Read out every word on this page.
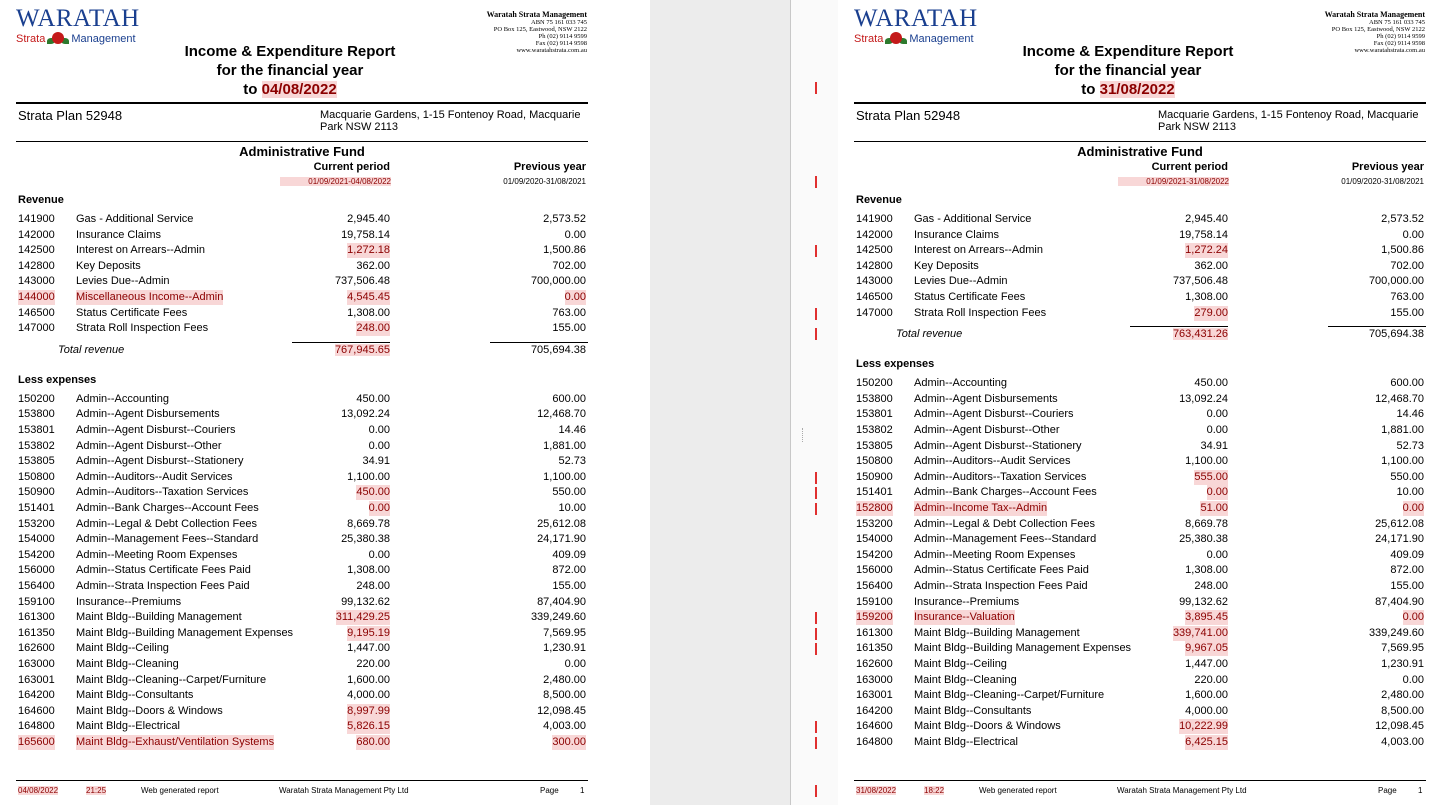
WARATAH
Strata Management
Waratah Strata Management
ABN 75 161 033 745
PO Box 125, Eastwood, NSW 2122
Ph (02) 9114 9599
Fax (02) 9114 9598
www.waratahstrata.com.au
Income & Expenditure Report
for the financial year
to 04/08/2022
Strata Plan 52948	Macquarie Gardens, 1-15 Fontenoy Road, Macquarie Park NSW 2113
Administrative Fund
Current period	Previous year
01/09/2021-04/08/2022	01/09/2020-31/08/2021
Revenue
141900 Gas - Additional Service	2,945.40	2,573.52
142000 Insurance Claims	19,758.14	0.00
142500 Interest on Arrears--Admin	1,272.18	1,500.86
142800 Key Deposits	362.00	702.00
143000 Levies Due--Admin	737,506.48	700,000.00
144000 Miscellaneous Income--Admin	4,545.45	0.00
146500 Status Certificate Fees	1,308.00	763.00
147000 Strata Roll Inspection Fees	248.00	155.00
Total revenue	767,945.65	705,694.38
Less expenses
150200 Admin--Accounting	450.00	600.00
153800 Admin--Agent Disbursements	13,092.24	12,468.70
153801 Admin--Agent Disburst--Couriers	0.00	14.46
153802 Admin--Agent Disburst--Other	0.00	1,881.00
153805 Admin--Agent Disburst--Stationery	34.91	52.73
150800 Admin--Auditors--Audit Services	1,100.00	1,100.00
150900 Admin--Auditors--Taxation Services	450.00	550.00
151401 Admin--Bank Charges--Account Fees	0.00	10.00
153200 Admin--Legal & Debt Collection Fees	8,669.78	25,612.08
154000 Admin--Management Fees--Standard	25,380.38	24,171.90
154200 Admin--Meeting Room Expenses	0.00	409.09
156000 Admin--Status Certificate Fees Paid	1,308.00	872.00
156400 Admin--Strata Inspection Fees Paid	248.00	155.00
159100 Insurance--Premiums	99,132.62	87,404.90
161300 Maint Bldg--Building Management	311,429.25	339,249.60
161350 Maint Bldg--Building Management Expenses	9,195.19	7,569.95
162600 Maint Bldg--Ceiling	1,447.00	1,230.91
163000 Maint Bldg--Cleaning	220.00	0.00
163001 Maint Bldg--Cleaning--Carpet/Furniture	1,600.00	2,480.00
164200 Maint Bldg--Consultants	4,000.00	8,500.00
164600 Maint Bldg--Doors & Windows	8,997.99	12,098.45
164800 Maint Bldg--Electrical	5,826.15	4,003.00
165600 Maint Bldg--Exhaust/Ventilation Systems	680.00	300.00
04/08/2022	21:25	Web generated report	Waratah Strata Management Pty Ltd	Page	1
WARATAH
Strata Management
Waratah Strata Management
ABN 75 161 033 745
PO Box 125, Eastwood, NSW 2122
Ph (02) 9114 9599
Fax (02) 9114 9598
www.waratahstrata.com.au
Income & Expenditure Report
for the financial year
to 31/08/2022
Strata Plan 52948	Macquarie Gardens, 1-15 Fontenoy Road, Macquarie Park NSW 2113
Administrative Fund
Current period	Previous year
01/09/2021-31/08/2022	01/09/2020-31/08/2021
Revenue
141900 Gas - Additional Service	2,945.40	2,573.52
142000 Insurance Claims	19,758.14	0.00
142500 Interest on Arrears--Admin	1,272.24	1,500.86
142800 Key Deposits	362.00	702.00
143000 Levies Due--Admin	737,506.48	700,000.00
146500 Status Certificate Fees	1,308.00	763.00
147000 Strata Roll Inspection Fees	279.00	155.00
Total revenue	763,431.26	705,694.38
Less expenses
150200 Admin--Accounting	450.00	600.00
153800 Admin--Agent Disbursements	13,092.24	12,468.70
153801 Admin--Agent Disburst--Couriers	0.00	14.46
153802 Admin--Agent Disburst--Other	0.00	1,881.00
153805 Admin--Agent Disburst--Stationery	34.91	52.73
150800 Admin--Auditors--Audit Services	1,100.00	1,100.00
150900 Admin--Auditors--Taxation Services	555.00	550.00
151401 Admin--Bank Charges--Account Fees	0.00	10.00
152800 Admin--Income Tax--Admin	51.00	0.00
153200 Admin--Legal & Debt Collection Fees	8,669.78	25,612.08
154000 Admin--Management Fees--Standard	25,380.38	24,171.90
154200 Admin--Meeting Room Expenses	0.00	409.09
156000 Admin--Status Certificate Fees Paid	1,308.00	872.00
156400 Admin--Strata Inspection Fees Paid	248.00	155.00
159100 Insurance--Premiums	99,132.62	87,404.90
159200 Insurance--Valuation	3,895.45	0.00
161300 Maint Bldg--Building Management	339,741.00	339,249.60
161350 Maint Bldg--Building Management Expenses	9,967.05	7,569.95
162600 Maint Bldg--Ceiling	1,447.00	1,230.91
163000 Maint Bldg--Cleaning	220.00	0.00
163001 Maint Bldg--Cleaning--Carpet/Furniture	1,600.00	2,480.00
164200 Maint Bldg--Consultants	4,000.00	8,500.00
164600 Maint Bldg--Doors & Windows	10,222.99	12,098.45
164800 Maint Bldg--Electrical	6,425.15	4,003.00
31/08/2022	18:22	Web generated report	Waratah Strata Management Pty Ltd	Page	1
